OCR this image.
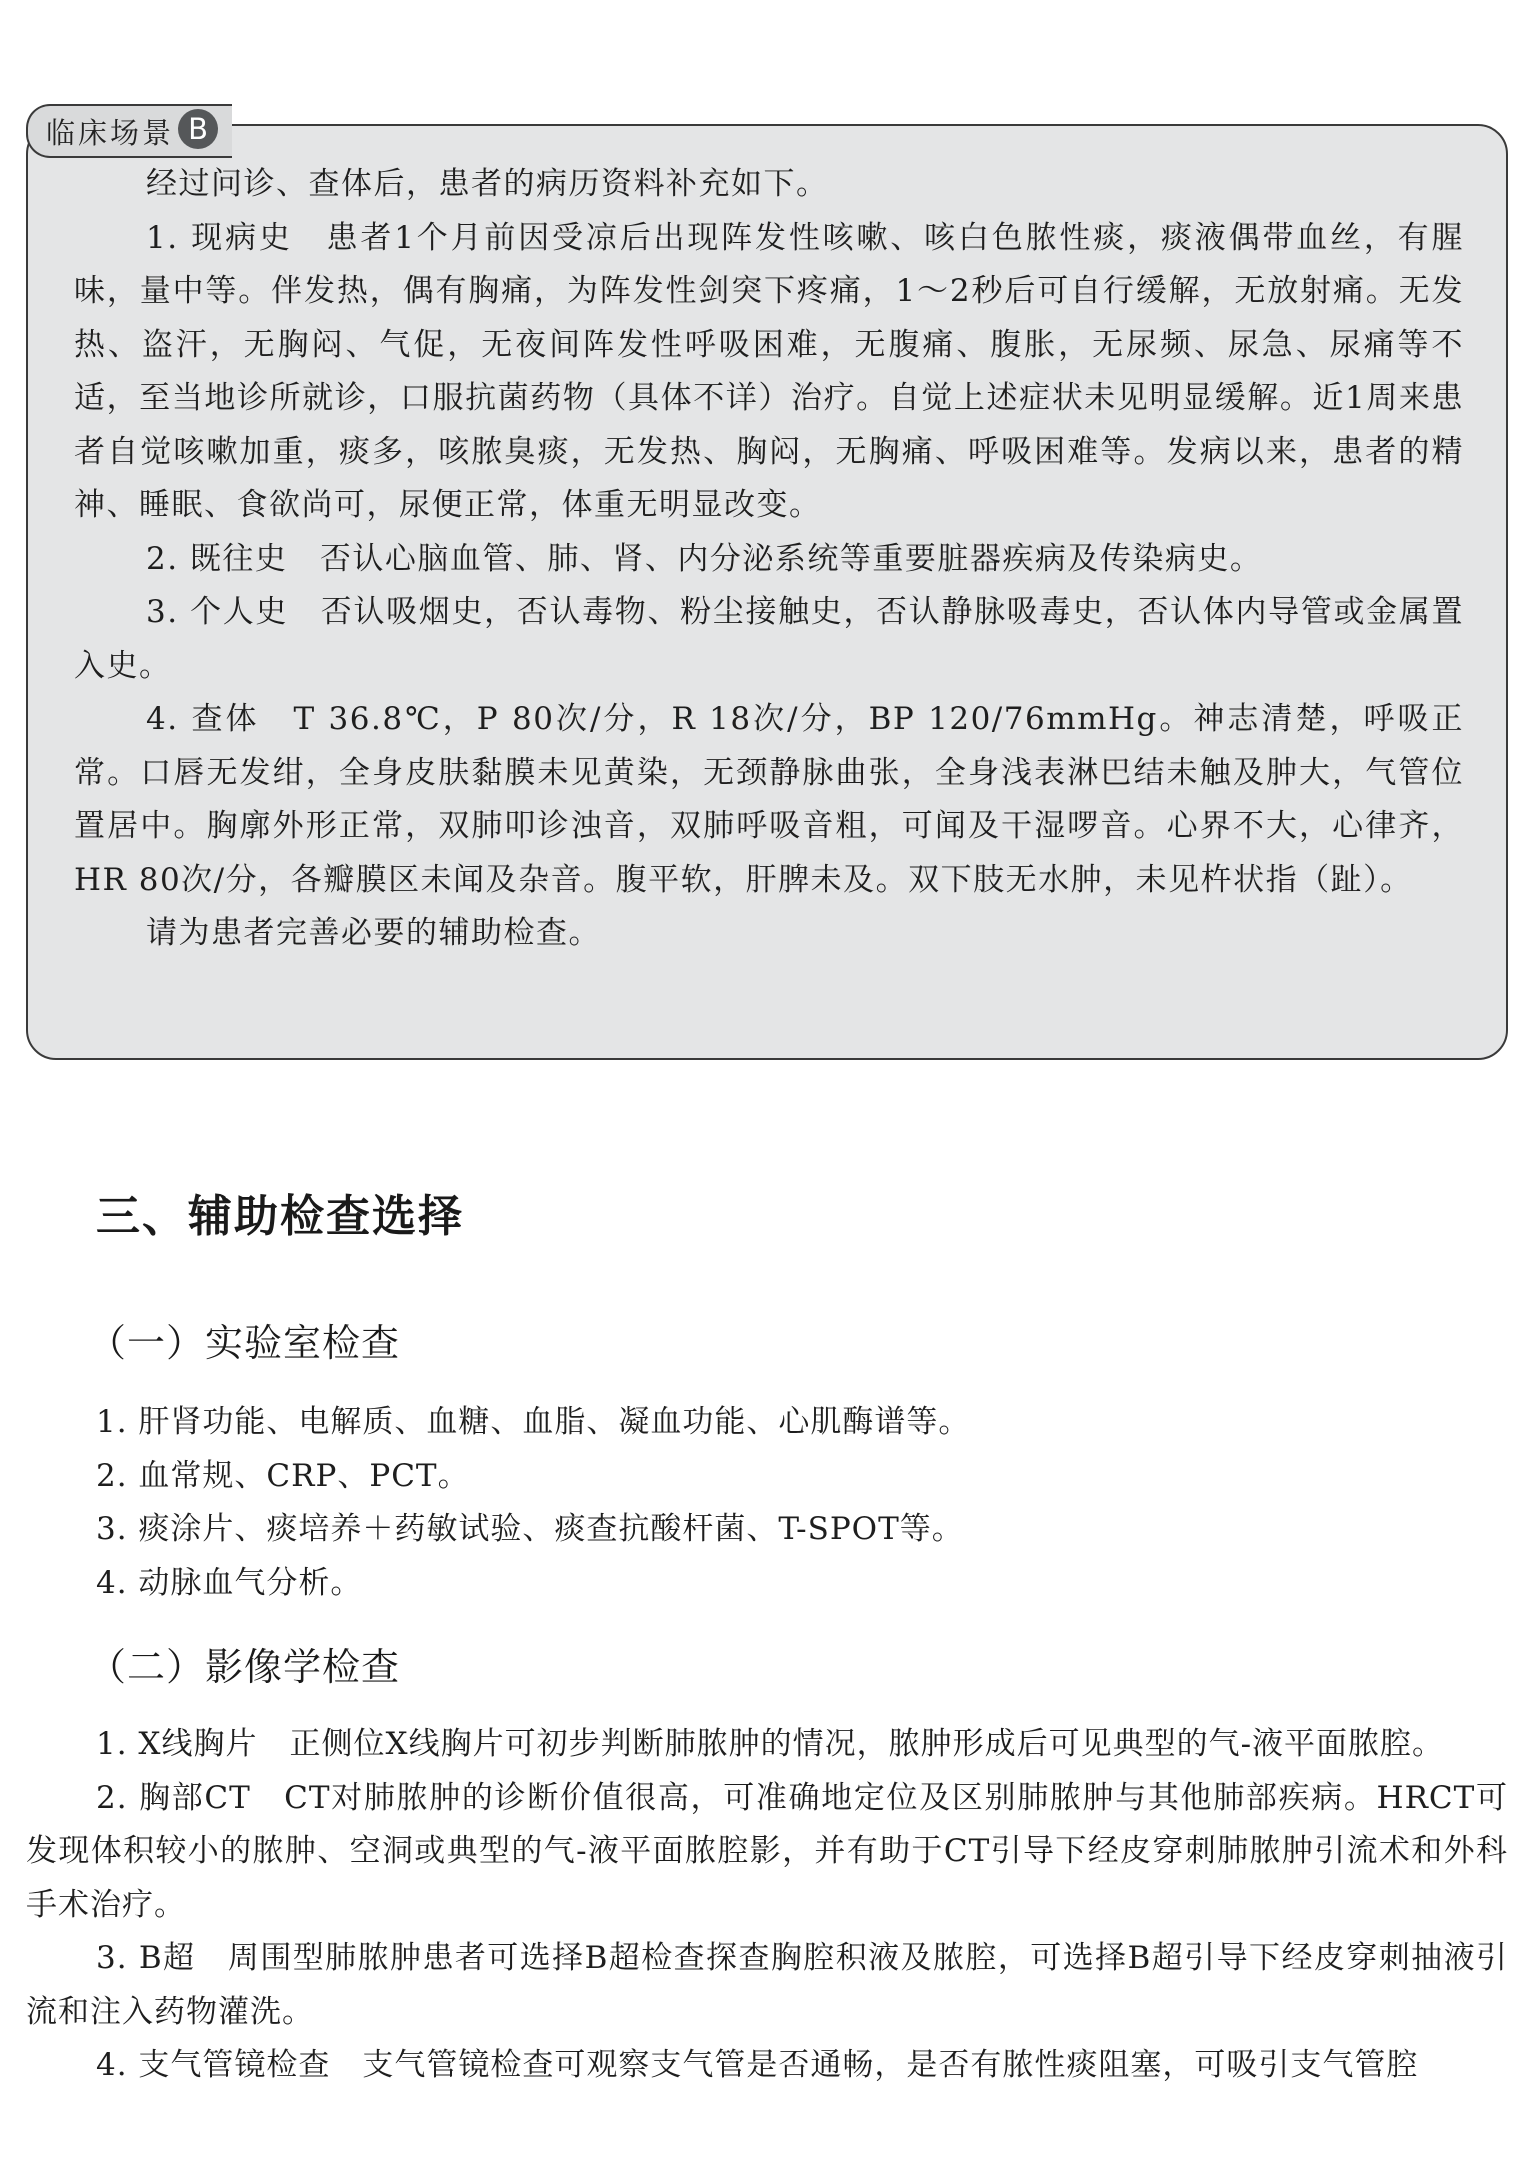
临床场景 B

经过问诊、查体后，患者的病历资料补充如下。

1. 现病史　患者1个月前因受凉后出现阵发性咳嗽、咳白色脓性痰，痰液偶带血丝，有腥味，量中等。伴发热，偶有胸痛，为阵发性剑突下疼痛，1～2秒后可自行缓解，无放射痛。无发热、盗汗，无胸闷、气促，无夜间阵发性呼吸困难，无腹痛、腹胀，无尿频、尿急、尿痛等不适，至当地诊所就诊，口服抗菌药物（具体不详）治疗。自觉上述症状未见明显缓解。近1周来患者自觉咳嗽加重，痰多，咳脓臭痰，无发热、胸闷，无胸痛、呼吸困难等。发病以来，患者的精神、睡眠、食欲尚可，尿便正常，体重无明显改变。

2. 既往史　否认心脑血管、肺、肾、内分泌系统等重要脏器疾病及传染病史。

3. 个人史　否认吸烟史，否认毒物、粉尘接触史，否认静脉吸毒史，否认体内导管或金属置入史。

4. 查体　T 36.8℃，P 80次/分，R 18次/分，BP 120/76mmHg。神志清楚，呼吸正常。口唇无发绀，全身皮肤黏膜未见黄染，无颈静脉曲张，全身浅表淋巴结未触及肿大，气管位置居中。胸廓外形正常，双肺叩诊浊音，双肺呼吸音粗，可闻及干湿啰音。心界不大，心律齐，HR 80次/分，各瓣膜区未闻及杂音。腹平软，肝脾未及。双下肢无水肿，未见杵状指（趾）。

请为患者完善必要的辅助检查。

三、辅助检查选择
（一）实验室检查
1. 肝肾功能、电解质、血糖、血脂、凝血功能、心肌酶谱等。
2. 血常规、CRP、PCT。
3. 痰涂片、痰培养＋药敏试验、痰查抗酸杆菌、T-SPOT等。
4. 动脉血气分析。
（二）影像学检查

1. X线胸片　正侧位X线胸片可初步判断肺脓肿的情况，脓肿形成后可见典型的气-液平面脓腔。

2. 胸部CT　CT对肺脓肿的诊断价值很高，可准确地定位及区别肺脓肿与其他肺部疾病。HRCT可发现体积较小的脓肿、空洞或典型的气-液平面脓腔影，并有助于CT引导下经皮穿刺肺脓肿引流术和外科手术治疗。

3. B超　周围型肺脓肿患者可选择B超检查探查胸腔积液及脓腔，可选择B超引导下经皮穿刺抽液引流和注入药物灌洗。

4. 支气管镜检查　支气管镜检查可观察支气管是否通畅，是否有脓性痰阻塞，可吸引支气管腔
